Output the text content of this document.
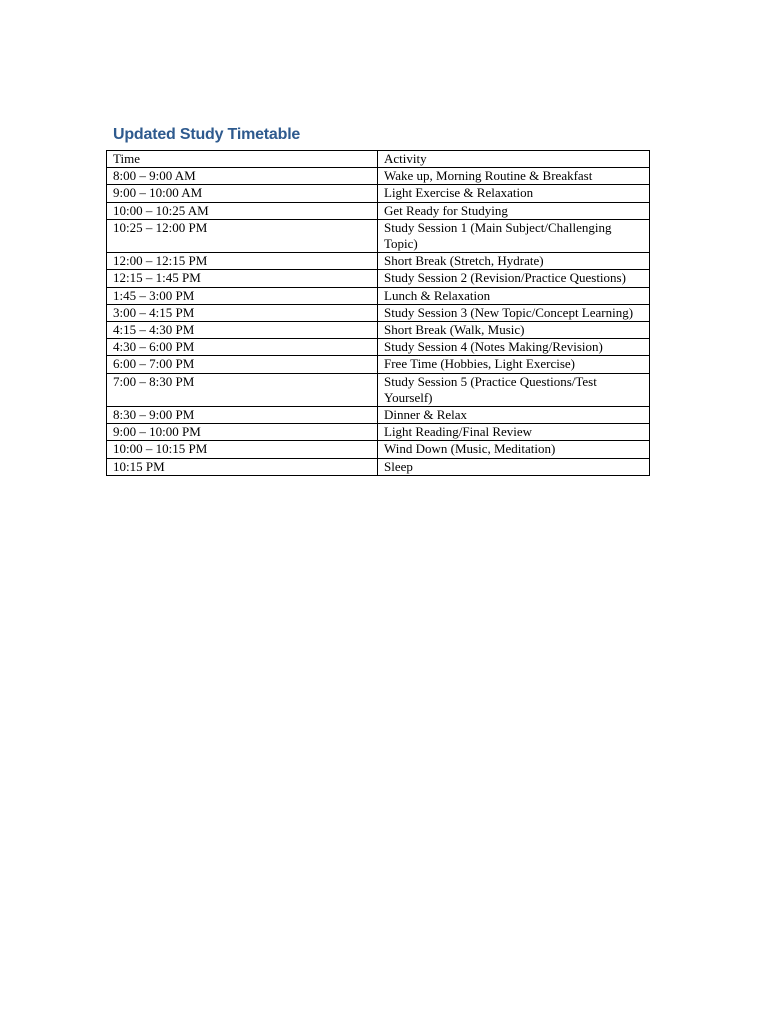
Updated Study Timetable
Time	Activity
8:00 – 9:00 AM	Wake up, Morning Routine & Breakfast
9:00 – 10:00 AM	Light Exercise & Relaxation
10:00 – 10:25 AM	Get Ready for Studying
10:25 – 12:00 PM	Study Session 1 (Main Subject/Challenging Topic)
12:00 – 12:15 PM	Short Break (Stretch, Hydrate)
12:15 – 1:45 PM	Study Session 2 (Revision/Practice Questions)
1:45 – 3:00 PM	Lunch & Relaxation
3:00 – 4:15 PM	Study Session 3 (New Topic/Concept Learning)
4:15 – 4:30 PM	Short Break (Walk, Music)
4:30 – 6:00 PM	Study Session 4 (Notes Making/Revision)
6:00 – 7:00 PM	Free Time (Hobbies, Light Exercise)
7:00 – 8:30 PM	Study Session 5 (Practice Questions/Test Yourself)
8:30 – 9:00 PM	Dinner & Relax
9:00 – 10:00 PM	Light Reading/Final Review
10:00 – 10:15 PM	Wind Down (Music, Meditation)
10:15 PM	Sleep
